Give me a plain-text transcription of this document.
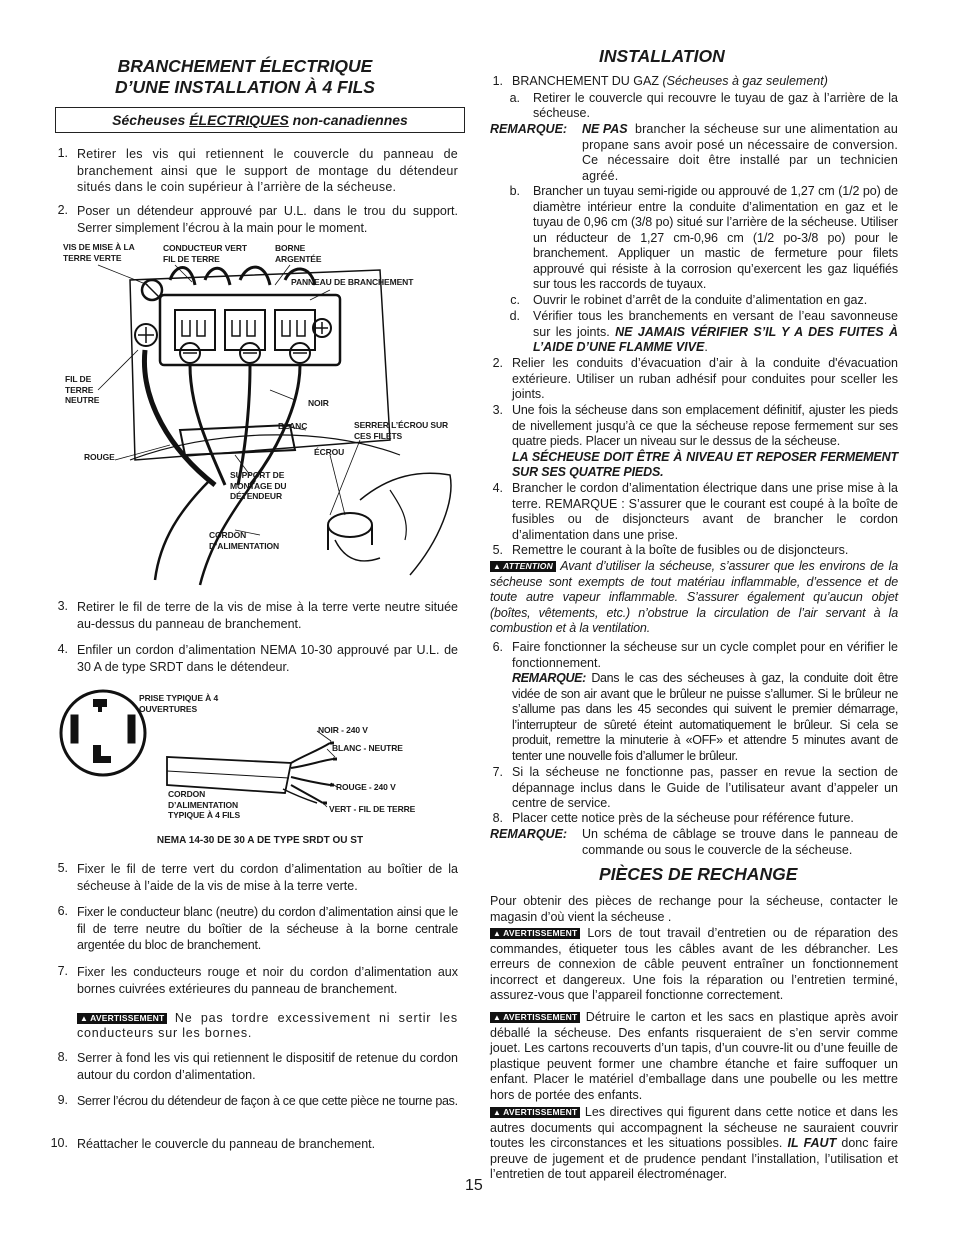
BRANCHEMENT ÉLECTRIQUE
D’UNE INSTALLATION À 4 FILS
Sécheuses ÉLECTRIQUES non-canadiennes
1. Retirer les vis qui retiennent le couvercle du panneau de branchement ainsi que le support de montage du détendeur situés dans le coin supérieur à l’arrière de la sécheuse.
2. Poser un détendeur approuvé par U.L. dans le trou du support. Serrer simplement l’écrou à la main pour le moment.
VIS DE MISE À LA
TERRE VERTE
CONDUCTEUR VERT
FIL DE TERRE
BORNE
ARGENTÉE
PANNEAU DE BRANCHEMENT
FIL DE
TERRE
NEUTRE	NOIR
BLANC	SERRER L’ÉCROU SUR
CES FILETS
ÉCROU
ROUGE
SUPPORT DE
MONTAGE DU
DÉTENDEUR
CORDON
D’ALIMENTATION
3. Retirer le fil de terre de la vis de mise à la terre verte neutre située au-dessus du panneau de branchement.
4. Enfiler un cordon d’alimentation NEMA 10-30 approuvé par U.L. de 30 A de type SRDT dans le détendeur.
PRISE TYPIQUE À 4
OUVERTURES
NOIR - 240 V
BLANC - NEUTRE
ROUGE - 240 V
VERT - FIL DE TERRE
CORDON
D’ALIMENTATION
TYPIQUE À 4 FILS
NEMA 14-30 DE 30 A DE TYPE SRDT OU ST
5. Fixer le fil de terre vert du cordon d’alimentation au boîtier de la sécheuse à l’aide de la vis de mise à la terre verte.
6. Fixer le conducteur blanc (neutre) du cordon d’alimentation ainsi que le fil de terre neutre du boîtier de la sécheuse à la borne centrale argentée du bloc de branchement.
7. Fixer les conducteurs rouge et noir du cordon d’alimentation aux bornes cuivrées extérieures du panneau de branchement.
▲ AVERTISSEMENT Ne pas tordre excessivement ni sertir les conducteurs sur les bornes.
8. Serrer à fond les vis qui retiennent le dispositif de retenue du cordon autour du cordon d’alimentation.
9. Serrer l’écrou du détendeur de façon à ce que cette pièce ne tourne pas.
10. Réattacher le couvercle du panneau de branchement.
INSTALLATION
1. BRANCHEMENT DU GAZ (Sécheuses à gaz seulement)
a. Retirer le couvercle qui recouvre le tuyau de gaz à l’arrière de la sécheuse.
REMARQUE: NE PAS brancher la sécheuse sur une alimentation au propane sans avoir posé un nécessaire de conversion. Ce nécessaire doit être installé par un technicien agréé.
b. Brancher un tuyau semi-rigide ou approuvé de 1,27 cm (1/2 po) de diamètre intérieur entre la conduite d’alimentation en gaz et le tuyau de 0,96 cm (3/8 po) situé sur l’arrière de la sécheuse. Utiliser un réducteur de 1,27 cm-0,96 cm (1/2 po-3/8 po) pour le branchement. Appliquer un mastic de fermeture pour filets approuvé qui résiste à la corrosion qu’exercent les gaz liquéfiés sur tous les raccords de tuyaux.
c. Ouvrir le robinet d’arrêt de la conduite d’alimentation en gaz.
d. Vérifier tous les branchements en versant de l’eau savonneuse sur les joints. NE JAMAIS VÉRIFIER S’IL Y A DES FUITES À L’AIDE D’UNE FLAMME VIVE.
2. Relier les conduits d’évacuation d’air à la conduite d'évacuation extérieure. Utiliser un ruban adhésif pour conduites pour sceller les joints.
3. Une fois la sécheuse dans son emplacement définitif, ajuster les pieds de nivellement jusqu’à ce que la sécheuse repose fermement sur ses quatre pieds. Placer un niveau sur le dessus de la sécheuse.
LA SÉCHEUSE DOIT ÊTRE À NIVEAU ET REPOSER FERMEMENT SUR SES QUATRE PIEDS.
4. Brancher le cordon d’alimentation électrique dans une prise mise à la terre. REMARQUE : S’assurer que le courant est coupé à la boîte de fusibles ou de disjoncteurs avant de brancher le cordon d’alimentation dans une prise.
5. Remettre le courant à la boîte de fusibles ou de disjoncteurs.
▲ ATTENTION Avant d’utiliser la sécheuse, s’assurer que les environs de la sécheuse sont exempts de tout matériau inflammable, d’essence et de toute autre vapeur inflammable. S’assurer également qu’aucun objet (boîtes, vêtements, etc.) n’obstrue la circulation de l’air servant à la combustion et à la ventilation.
6. Faire fonctionner la sécheuse sur un cycle complet pour en vérifier le fonctionnement.
REMARQUE: Dans le cas des sécheuses à gaz, la conduite doit être vidée de son air avant que le brûleur ne puisse s’allumer. Si le brûleur ne s’allume pas dans les 45 secondes qui suivent le premier démarrage, l’interrupteur de sûreté éteint automatiquement le brûleur. Si cela se produit, remettre la minuterie à «OFF» et attendre 5 minutes avant de tenter une nouvelle fois d’allumer le brûleur.
7. Si la sécheuse ne fonctionne pas, passer en revue la section de dépannage inclus dans le Guide de l’utilisateur avant d’appeler un centre de service.
8. Placer cette notice près de la sécheuse pour référence future.
REMARQUE: Un schéma de câblage se trouve dans le panneau de commande ou sous le couvercle de la sécheuse.
PIÈCES DE RECHANGE
Pour obtenir des pièces de rechange pour la sécheuse, contacter le magasin d’où vient la sécheuse .
▲ AVERTISSEMENT Lors de tout travail d’entretien ou de réparation des commandes, étiqueter tous les câbles avant de les débrancher. Les erreurs de connexion de câble peuvent entraîner un fonctionnement incorrect et dangereux. Une fois la réparation ou l’entretien terminé, assurez-vous que l’appareil fonctionne correctement.
▲ AVERTISSEMENT Détruire le carton et les sacs en plastique après avoir déballé la sécheuse. Des enfants risqueraient de s’en servir comme jouet. Les cartons recouverts d’un tapis, d’un couvre-lit ou d’une feuille de plastique peuvent former une chambre étanche et faire suffoquer un enfant. Placer le matériel d’emballage dans une poubelle ou les mettre hors de portée des enfants.
▲ AVERTISSEMENT Les directives qui figurent dans cette notice et dans les autres documents qui accompagnent la sécheuse ne sauraient couvrir toutes les circonstances et les situations possibles. IL FAUT donc faire preuve de jugement et de prudence pendant l’installation, l’utilisation et l’entretien de tout appareil électroménager.
15
